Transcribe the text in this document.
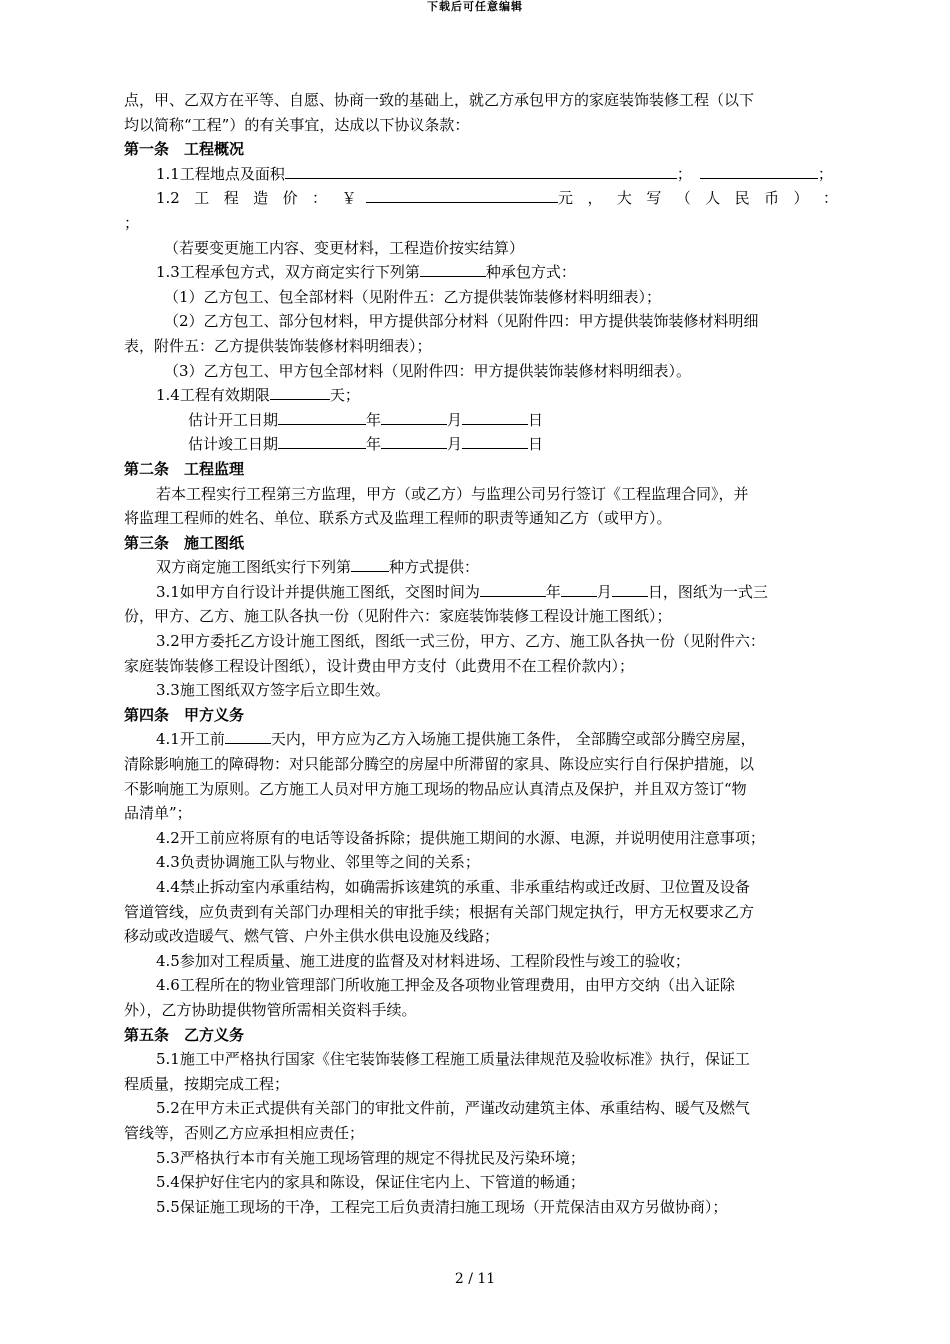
下载后可任意编辑

点，甲、乙双方在平等、自愿、协商一致的基础上，就乙方承包甲方的家庭装饰装修工程（以下

均以简称“工程”）的有关事宜，达成以下协议条款：

第一条　工程概况

1.1工程地点及面积	；	；

1.2 工 程 造 价 ： ￥	元 ， 大 写 （ 人 民 币 ） ：

；

（若要变更施工内容、变更材料，工程造价按实结算）

1.3工程承包方式，双方商定实行下列第	种承包方式：

（1）乙方包工、包全部材料（见附件五：乙方提供装饰装修材料明细表）；

（2）乙方包工、部分包材料，甲方提供部分材料（见附件四：甲方提供装饰装修材料明细

表，附件五：乙方提供装饰装修材料明细表）；

（3）乙方包工、甲方包全部材料（见附件四：甲方提供装饰装修材料明细表）。

1.4工程有效期限	天；

估计开工日期	年	月	日

估计竣工日期	年	月	日

第二条　工程监理

若本工程实行工程第三方监理，甲方（或乙方）与监理公司另行签订《工程监理合同》，并

将监理工程师的姓名、单位、联系方式及监理工程师的职责等通知乙方（或甲方）。

第三条　施工图纸

双方商定施工图纸实行下列第	种方式提供：

3.1如甲方自行设计并提供施工图纸，交图时间为	年 月 日，图纸为一式三

份，甲方、乙方、施工队各执一份（见附件六：家庭装饰装修工程设计施工图纸）；

3.2甲方委托乙方设计施工图纸，图纸一式三份，甲方、乙方、施工队各执一份（见附件六：

家庭装饰装修工程设计图纸），设计费由甲方支付（此费用不在工程价款内）；

3.3施工图纸双方签字后立即生效。

第四条　甲方义务

4.1开工前	天内，甲方应为乙方入场施工提供施工条件， 全部腾空或部分腾空房屋，

清除影响施工的障碍物：对只能部分腾空的房屋中所滞留的家具、陈设应实行自行保护措施，以

不影响施工为原则。乙方施工人员对甲方施工现场的物品应认真清点及保护，并且双方签订“物

品清单”；

4.2开工前应将原有的电话等设备拆除；提供施工期间的水源、电源，并说明使用注意事项；

4.3负责协调施工队与物业、邻里等之间的关系；

4.4禁止拆动室内承重结构，如确需拆该建筑的承重、非承重结构或迁改厨、卫位置及设备

管道管线，应负责到有关部门办理相关的审批手续；根据有关部门规定执行，甲方无权要求乙方

移动或改造暖气、燃气管、户外主供水供电设施及线路；

4.5参加对工程质量、施工进度的监督及对材料进场、工程阶段性与竣工的验收；

4.6工程所在的物业管理部门所收施工押金及各项物业管理费用，由甲方交纳（出入证除

外），乙方协助提供物管所需相关资料手续。

第五条　乙方义务

5.1施工中严格执行国家《住宅装饰装修工程施工质量法律规范及验收标准》执行，保证工

程质量，按期完成工程；

5.2在甲方未正式提供有关部门的审批文件前，严谨改动建筑主体、承重结构、暖气及燃气

管线等，否则乙方应承担相应责任；

5.3严格执行本市有关施工现场管理的规定不得扰民及污染环境；

5.4保护好住宅内的家具和陈设，保证住宅内上、下管道的畅通；

5.5保证施工现场的干净，工程完工后负责清扫施工现场（开荒保洁由双方另做协商）；

2 / 11
